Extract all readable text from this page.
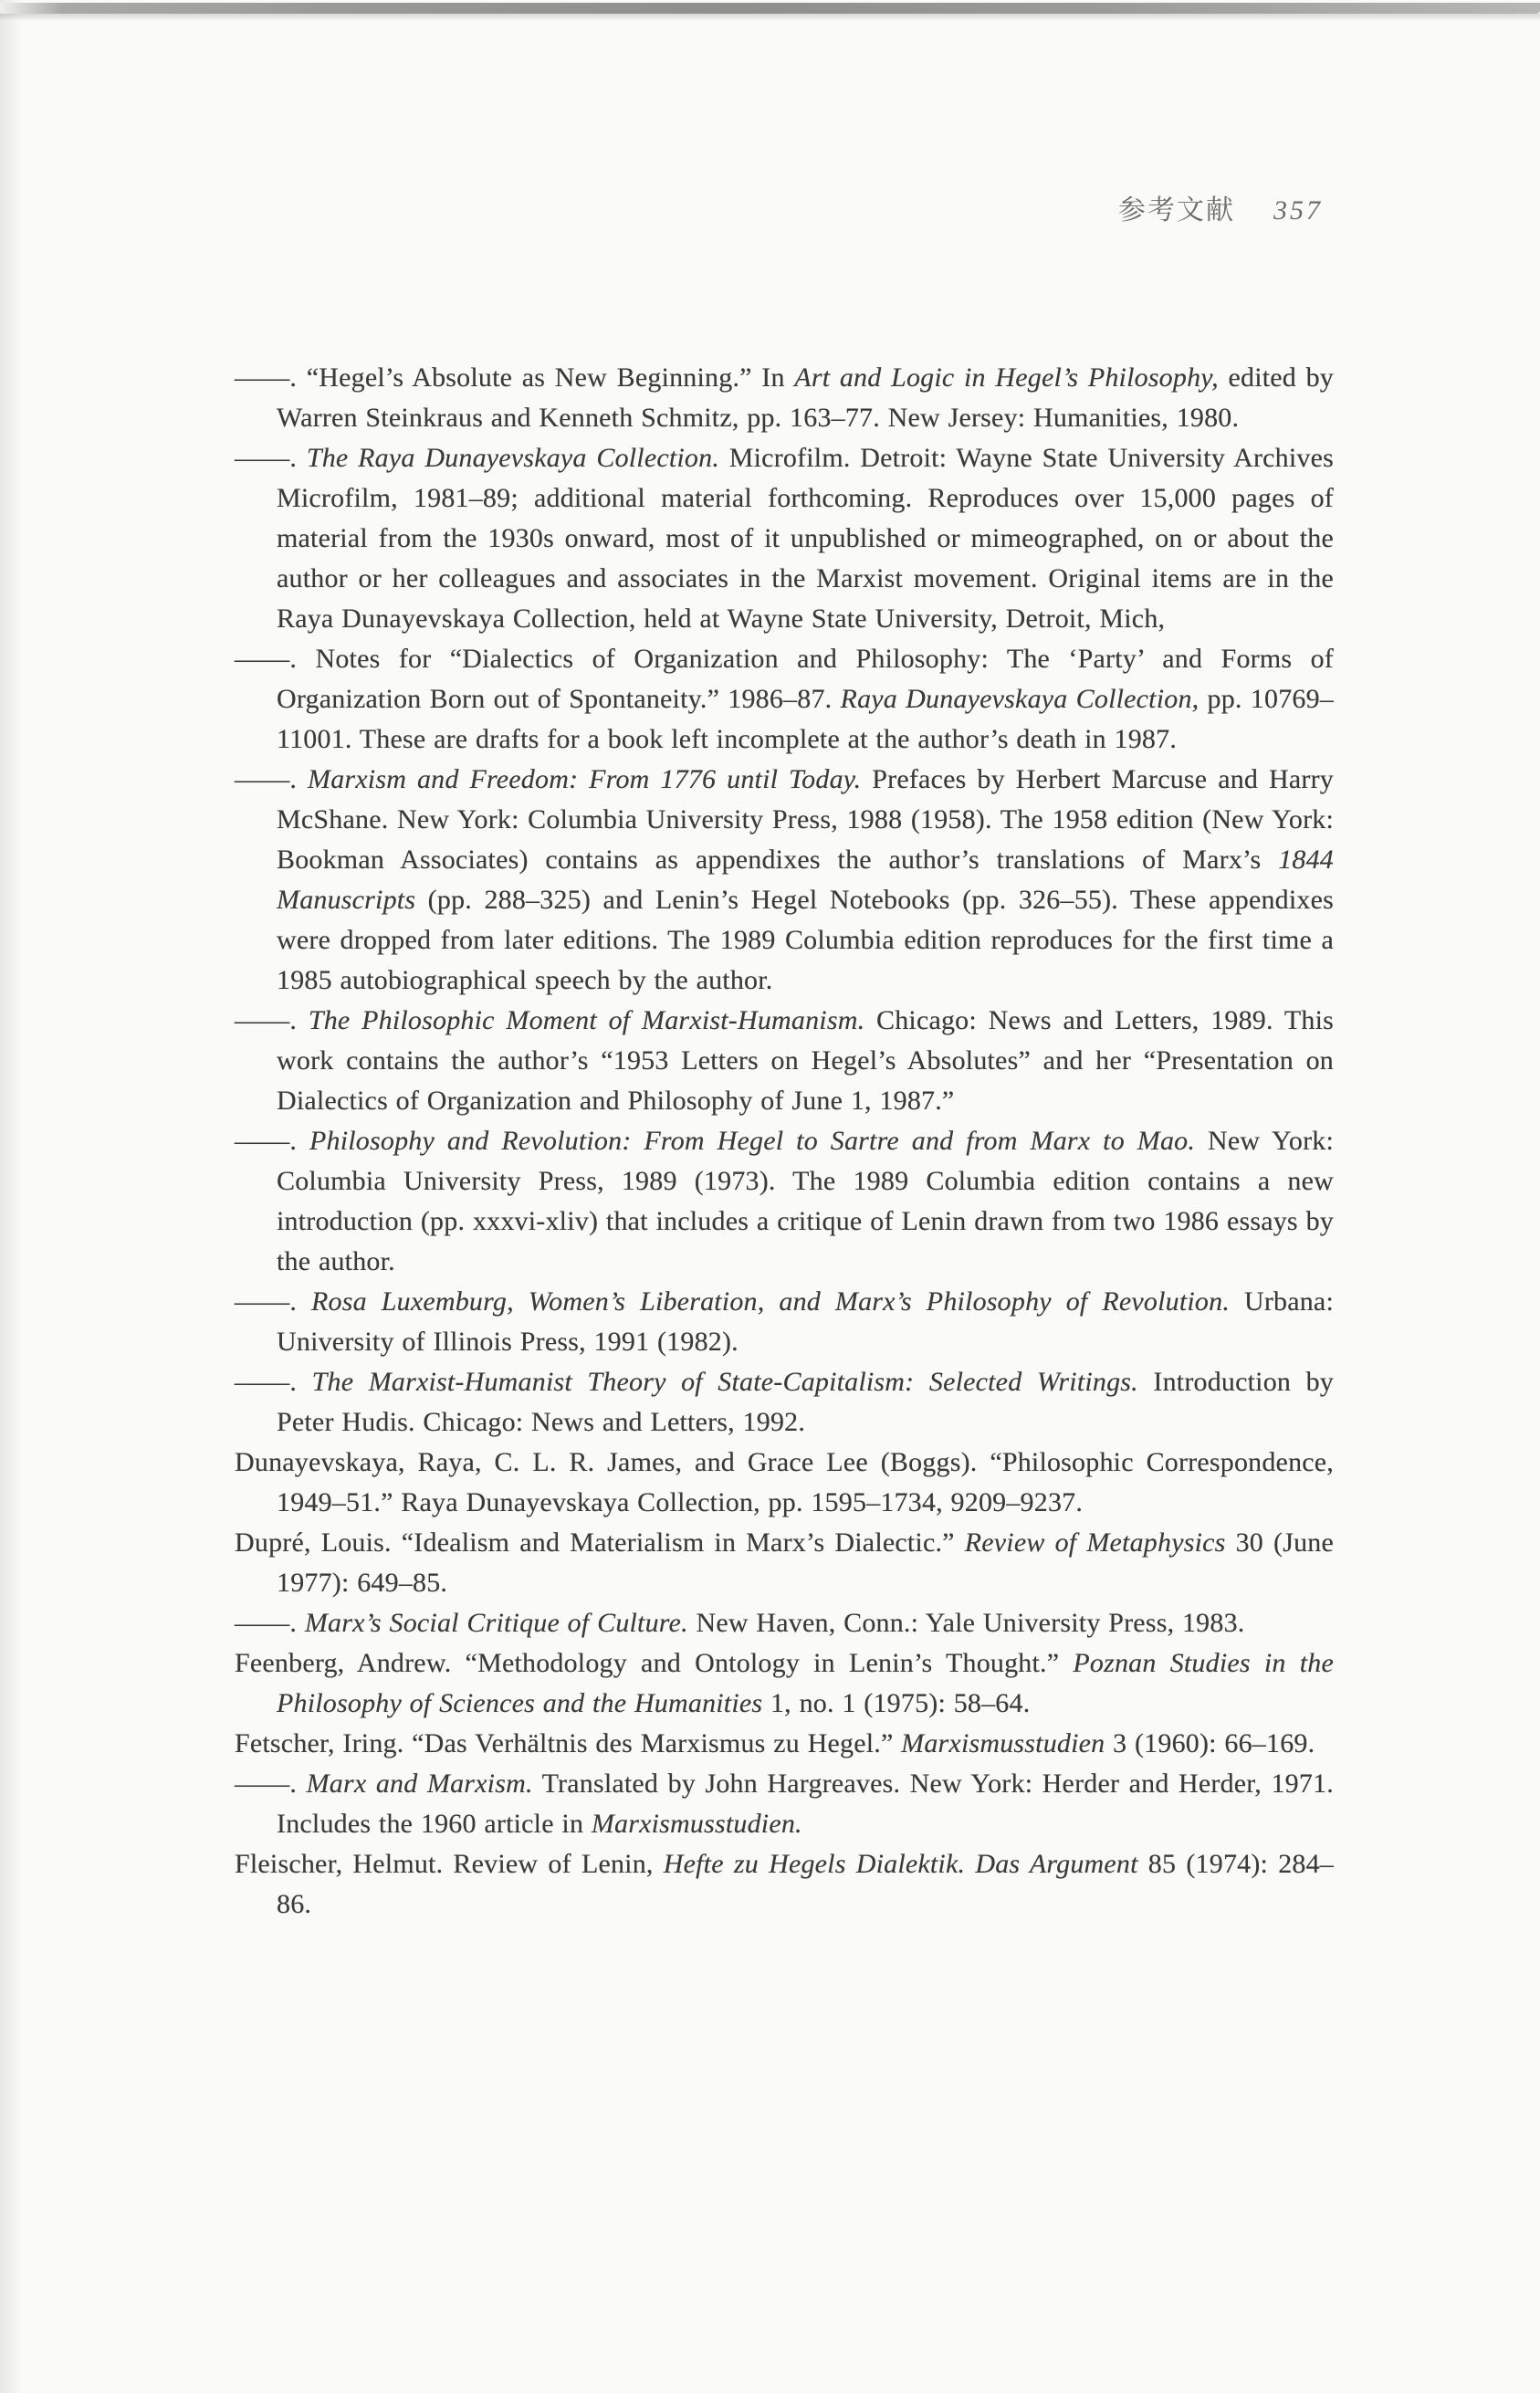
参考文献 357

——. “Hegel’s Absolute as New Beginning.” In Art and Logic in Hegel’s Philosophy, edited by Warren Steinkraus and Kenneth Schmitz, pp. 163–77. New Jersey: Humanities, 1980.

——. The Raya Dunayevskaya Collection. Microfilm. Detroit: Wayne State University Archives Microfilm, 1981–89; additional material forthcoming. Reproduces over 15,000 pages of material from the 1930s onward, most of it unpublished or mimeographed, on or about the author or her colleagues and associates in the Marxist movement. Original items are in the Raya Dunayevskaya Collection, held at Wayne State University, Detroit, Mich,

——. Notes for “Dialectics of Organization and Philosophy: The ‘Party’ and Forms of Organization Born out of Spontaneity.” 1986–87. Raya Dunayevskaya Collection, pp. 10769–11001. These are drafts for a book left incomplete at the author’s death in 1987.

——. Marxism and Freedom: From 1776 until Today. Prefaces by Herbert Marcuse and Harry McShane. New York: Columbia University Press, 1988 (1958). The 1958 edition (New York: Bookman Associates) contains as appendixes the author’s translations of Marx’s 1844 Manuscripts (pp. 288–325) and Lenin’s Hegel Notebooks (pp. 326–55). These appendixes were dropped from later editions. The 1989 Columbia edition reproduces for the first time a 1985 autobiographical speech by the author.

——. The Philosophic Moment of Marxist-Humanism. Chicago: News and Letters, 1989. This work contains the author’s “1953 Letters on Hegel’s Absolutes” and her “Presentation on Dialectics of Organization and Philosophy of June 1, 1987.”

——. Philosophy and Revolution: From Hegel to Sartre and from Marx to Mao. New York: Columbia University Press, 1989 (1973). The 1989 Columbia edition contains a new introduction (pp. xxxvi-xliv) that includes a critique of Lenin drawn from two 1986 essays by the author.

——. Rosa Luxemburg, Women’s Liberation, and Marx’s Philosophy of Revolution. Urbana: University of Illinois Press, 1991 (1982).

——. The Marxist-Humanist Theory of State-Capitalism: Selected Writings. Introduction by Peter Hudis. Chicago: News and Letters, 1992.

Dunayevskaya, Raya, C. L. R. James, and Grace Lee (Boggs). “Philosophic Correspondence, 1949–51.” Raya Dunayevskaya Collection, pp. 1595–1734, 9209–9237.

Dupré, Louis. “Idealism and Materialism in Marx’s Dialectic.” Review of Metaphysics 30 (June 1977): 649–85.

——. Marx’s Social Critique of Culture. New Haven, Conn.: Yale University Press, 1983.

Feenberg, Andrew. “Methodology and Ontology in Lenin’s Thought.” Poznan Studies in the Philosophy of Sciences and the Humanities 1, no. 1 (1975): 58–64.

Fetscher, Iring. “Das Verhältnis des Marxismus zu Hegel.” Marxismusstudien 3 (1960): 66–169.

——. Marx and Marxism. Translated by John Hargreaves. New York: Herder and Herder, 1971. Includes the 1960 article in Marxismusstudien.

Fleischer, Helmut. Review of Lenin, Hefte zu Hegels Dialektik. Das Argument 85 (1974): 284–86.
